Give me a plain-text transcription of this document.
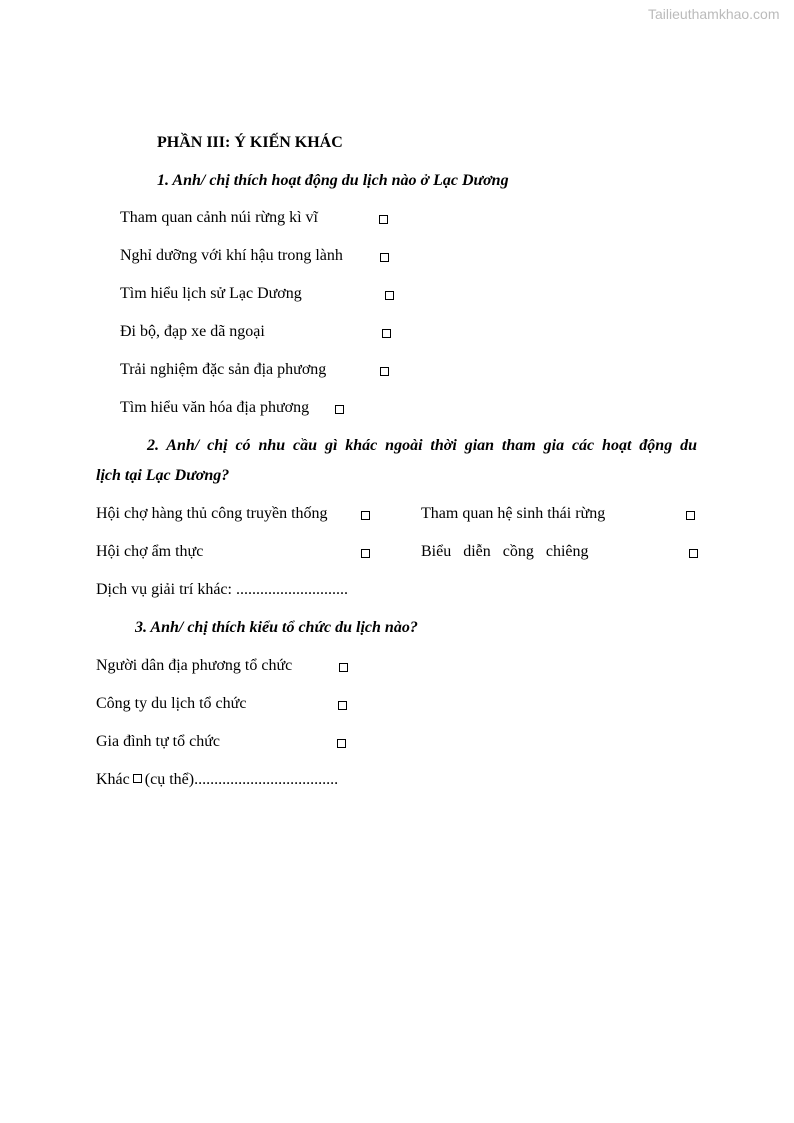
Tailieuthamkhao.com
PHẦN III: Ý KIẾN KHÁC
1. Anh/ chị thích hoạt động du lịch nào ở Lạc Dương
Tham quan cảnh núi rừng kì vĩ
Nghỉ dưỡng với khí hậu trong lành
Tìm hiểu lịch sử Lạc Dương
Đi bộ, đạp xe dã ngoại
Trải nghiệm đặc sản địa phương
Tìm hiểu văn hóa địa phương
2. Anh/ chị có nhu cầu gì khác ngoài thời gian tham gia các hoạt động du
lịch tại Lạc Dương?
Hội chợ hàng thủ công truyền thống	Tham quan hệ sinh thái rừng
Hội chợ ẩm thực	Biểu   diễn   cồng   chiêng
Dịch vụ giải trí khác: ............................
3. Anh/ chị thích kiểu tổ chức du lịch nào?
Người dân địa phương tổ chức
Công ty du lịch tổ chức
Gia đình tự tổ chức
Khác (cụ thể)....................................
